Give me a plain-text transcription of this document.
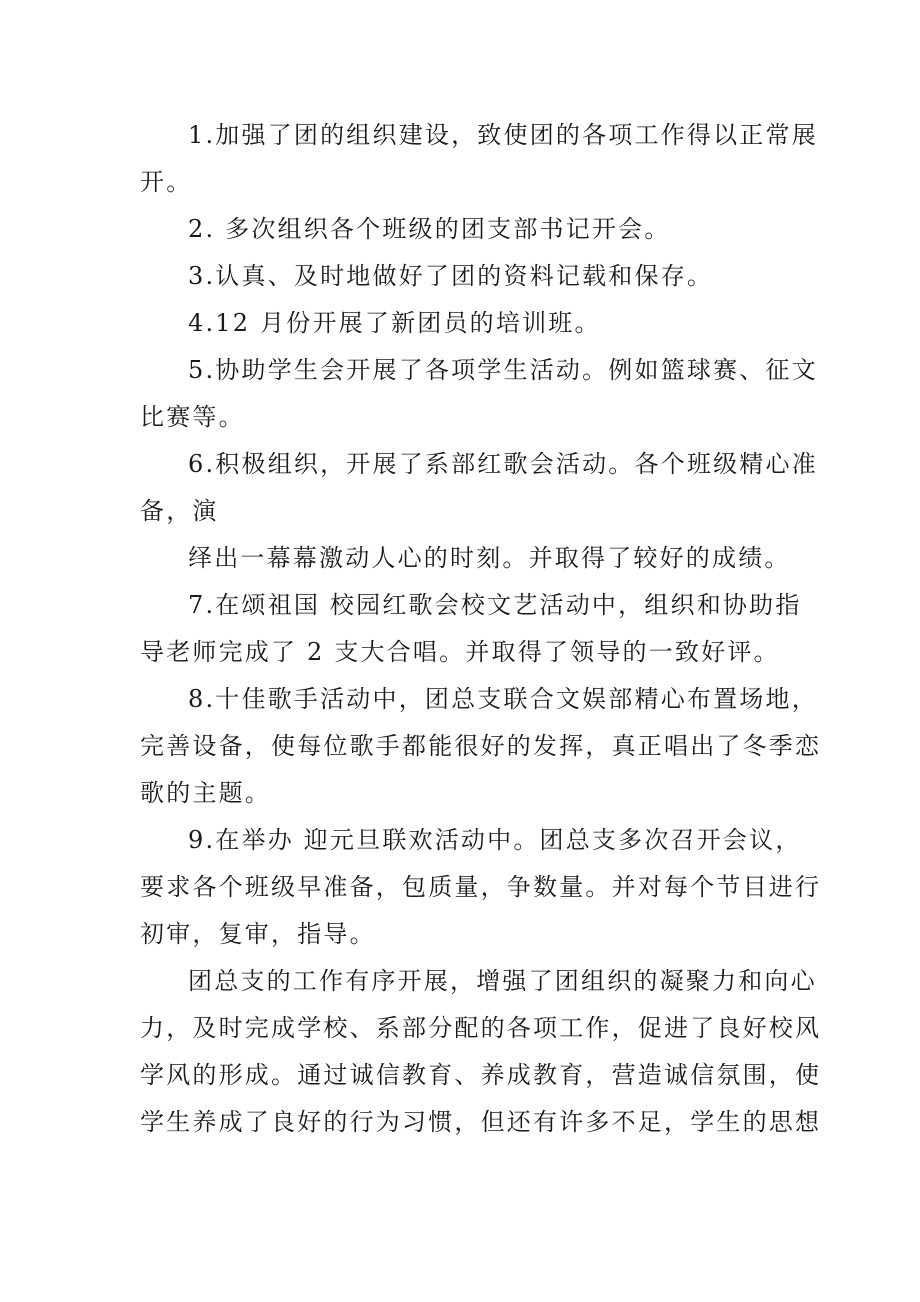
1.加强了团的组织建设，致使团的各项工作得以正常展
开。
2. 多次组织各个班级的团支部书记开会。
3.认真、及时地做好了团的资料记载和保存。
4.12 月份开展了新团员的培训班。
5.协助学生会开展了各项学生活动。例如篮球赛、征文
比赛等。
6.积极组织，开展了系部红歌会活动。各个班级精心准
备，演
绎出一幕幕激动人心的时刻。并取得了较好的成绩。
7.在颂祖国 校园红歌会校文艺活动中，组织和协助指
导老师完成了 2 支大合唱。并取得了领导的一致好评。
8.十佳歌手活动中，团总支联合文娱部精心布置场地，
完善设备，使每位歌手都能很好的发挥，真正唱出了冬季恋
歌的主题。
9.在举办 迎元旦联欢活动中。团总支多次召开会议，
要求各个班级早准备，包质量，争数量。并对每个节目进行
初审，复审，指导。
团总支的工作有序开展，增强了团组织的凝聚力和向心
力，及时完成学校、系部分配的各项工作，促进了良好校风
学风的形成。通过诚信教育、养成教育，营造诚信氛围，使
学生养成了良好的行为习惯，但还有许多不足，学生的思想
